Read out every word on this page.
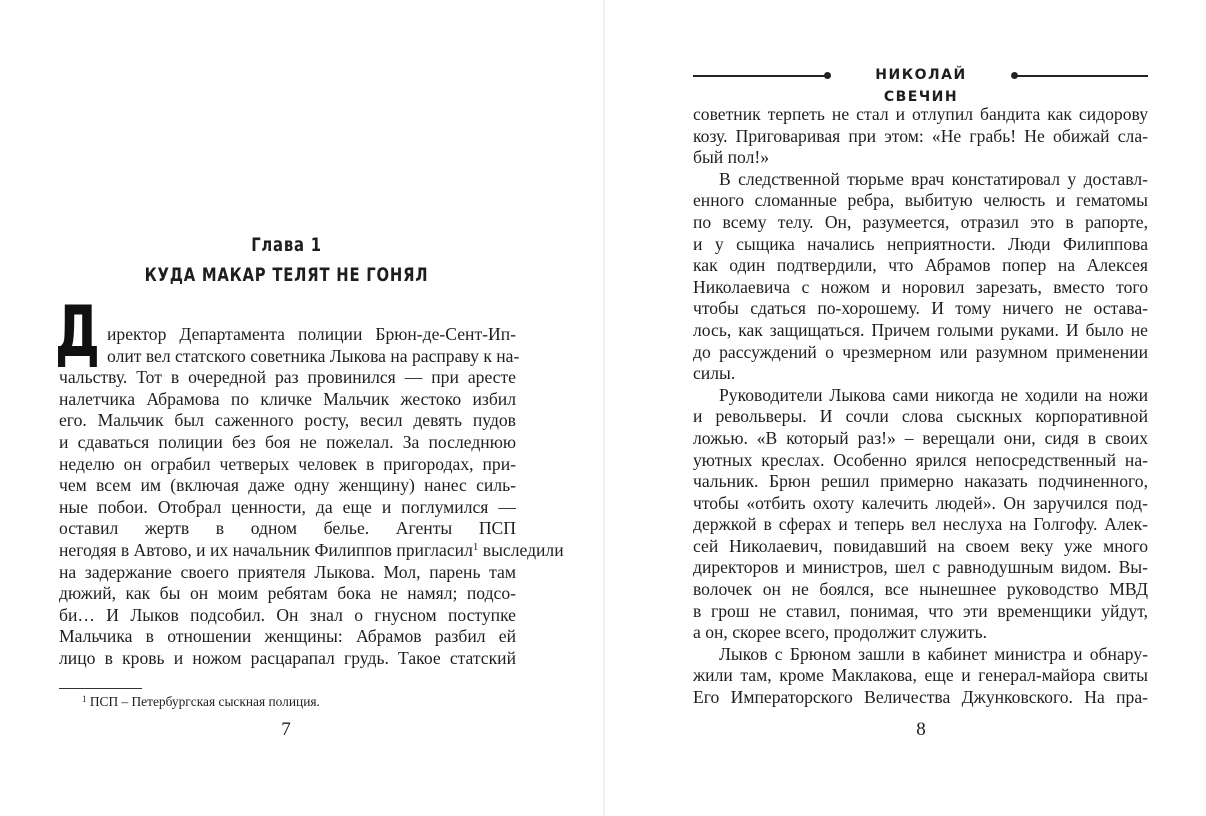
Глава 1
КУДА МАКАР ТЕЛЯТ НЕ ГОНЯЛ
Д иректор Департамента полиции Брюн-де-Сент-Ип-
олит вел статского советника Лыкова на расправу к на-
чальству. Тот в очередной раз провинился — при аресте
налетчика Абрамова по кличке Мальчик жестоко избил
его. Мальчик был саженного росту, весил девять пудов
и сдаваться полиции без боя не пожелал. За последнюю
неделю он ограбил четверых человек в пригородах, при-
чем всем им (включая даже одну женщину) нанес силь-
ные побои. Отобрал ценности, да еще и поглумился —
оставил жертв в одном белье. Агенты ПСП
негодяя в Автово, и их начальник Филиппов пригласил$^1$ выследили
на задержание своего приятеля Лыкова. Мол, парень там
дюжий, как бы он моим ребятам бока не намял; подсо-
би… И Лыков подсобил. Он знал о гнусном поступке
Мальчика в отношении женщины: Абрамов разбил ей
лицо в кровь и ножом расцарапал грудь. Такое статский
$^1$ ПСП – Петербургская сыскная полиция.
7
НИКОЛАЙ СВЕЧИН
советник терпеть не стал и отлупил бандита как сидорову
козу. Приговаривая при этом: «Не грабь! Не обижай сла-
бый пол!»
В следственной тюрьме врач констатировал у доставл-
енного сломанные ребра, выбитую челюсть и гематомы
по всему телу. Он, разумеется, отразил это в рапорте,
и у сыщика начались неприятности. Люди Филиппова
как один подтвердили, что Абрамов попер на Алексея
Николаевича с ножом и норовил зарезать, вместо того
чтобы сдаться по-хорошему. И тому ничего не остава-
лось, как защищаться. Причем голыми руками. И было не
до рассуждений о чрезмерном или разумном применении
силы.
Руководители Лыкова сами никогда не ходили на ножи
и револьверы. И сочли слова сыскных корпоративной
ложью. «В который раз!» – верещали они, сидя в своих
уютных креслах. Особенно ярился непосредственный на-
чальник. Брюн решил примерно наказать подчиненного,
чтобы «отбить охоту калечить людей». Он заручился под-
держкой в сферах и теперь вел неслуха на Голгофу. Алек-
сей Николаевич, повидавший на своем веку уже много
директоров и министров, шел с равнодушным видом. Вы-
волочек он не боялся, все нынешнее руководство МВД
в грош не ставил, понимая, что эти временщики уйдут,
а он, скорее всего, продолжит служить.
Лыков с Брюном зашли в кабинет министра и обнару-
жили там, кроме Маклакова, еще и генерал-майора свиты
Его Императорского Величества Джунковского. На пра-
8
